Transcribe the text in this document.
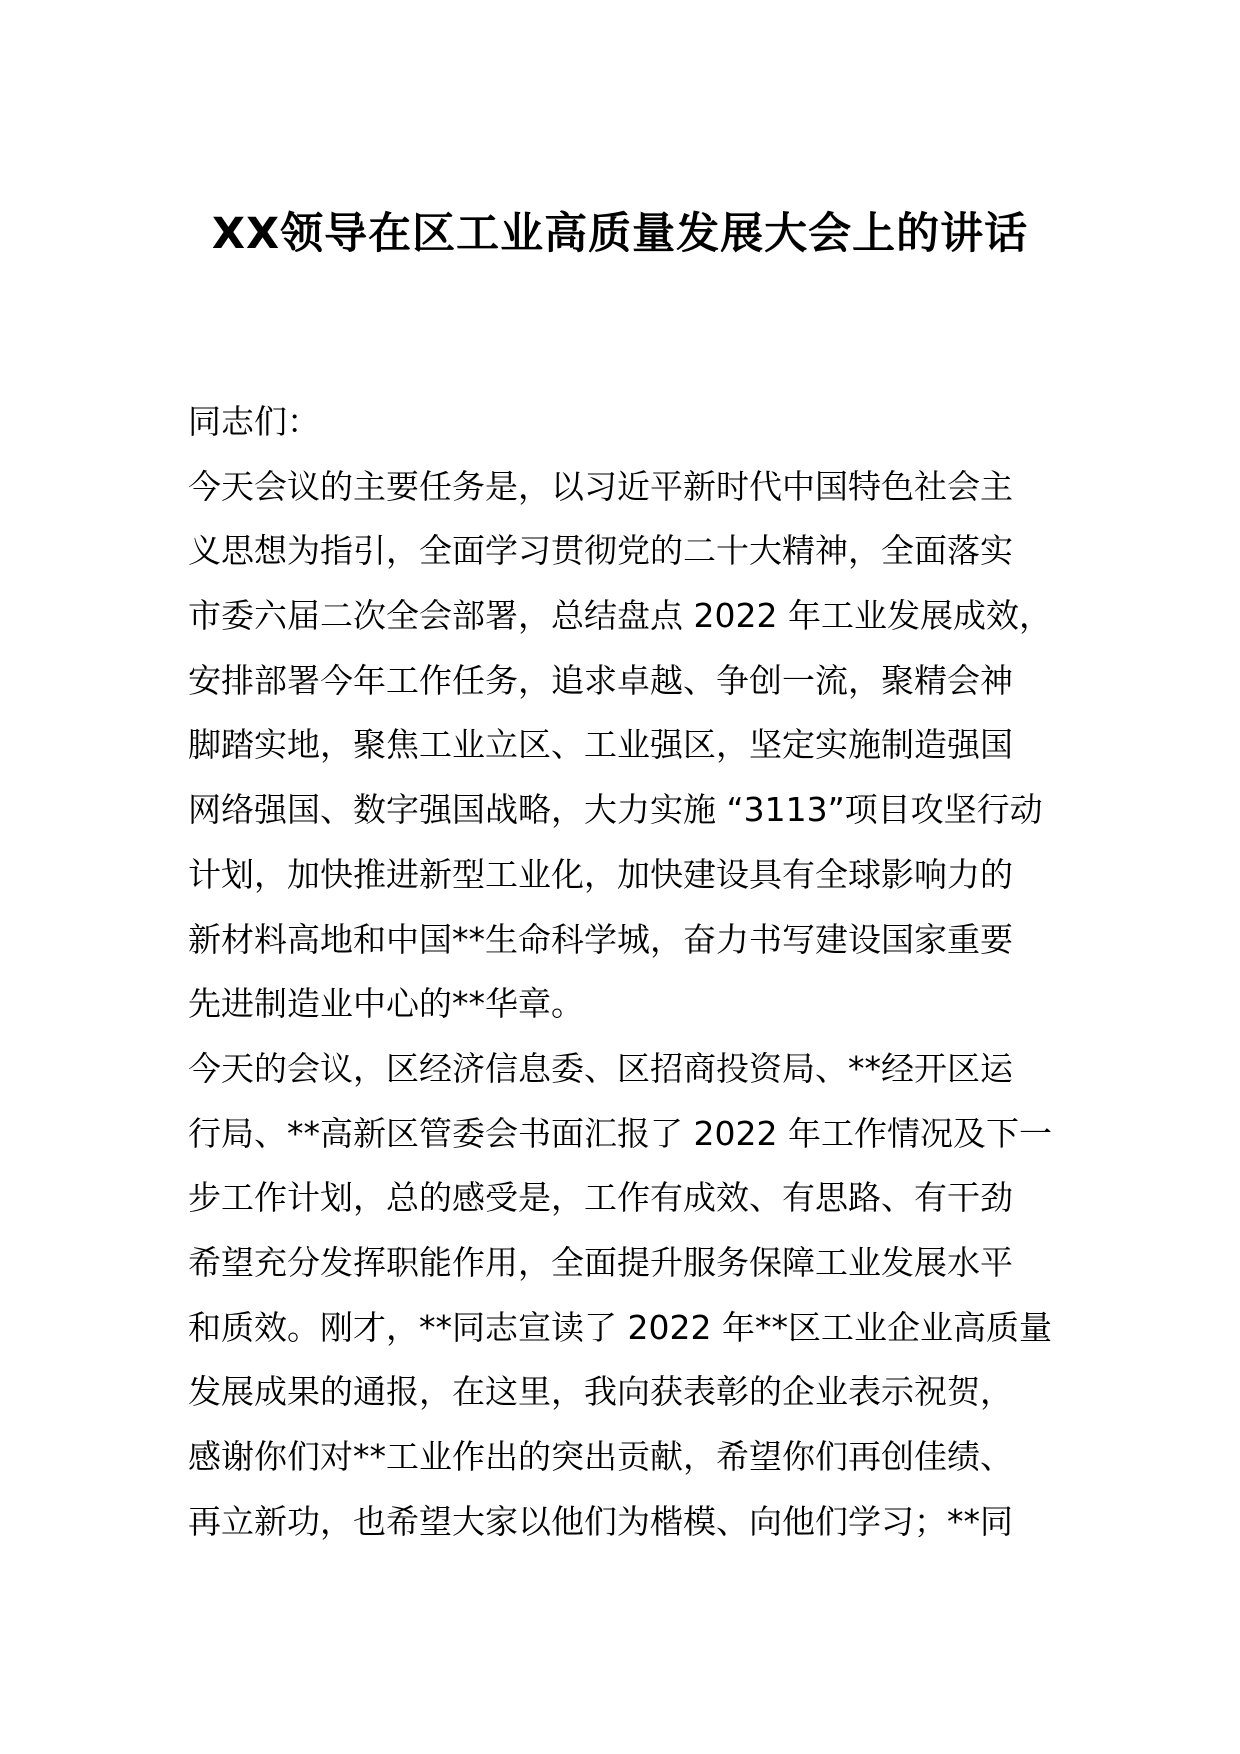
XX领导在区工业高质量发展大会上的讲话
同志们：
今天会议的主要任务是，以习近平新时代中国特色社会主
义思想为指引，全面学习贯彻党的二十大精神，全面落实
市委六届二次全会部署，总结盘点 2022 年工业发展成效，
安排部署今年工作任务，追求卓越、争创一流，聚精会神
脚踏实地，聚焦工业立区、工业强区，坚定实施制造强国
网络强国、数字强国战略，大力实施 “3113”项目攻坚行动
计划，加快推进新型工业化，加快建设具有全球影响力的
新材料高地和中国**生命科学城，奋力书写建设国家重要
先进制造业中心的**华章。
今天的会议，区经济信息委、区招商投资局、**经开区运
行局、**高新区管委会书面汇报了 2022 年工作情况及下一
步工作计划，总的感受是，工作有成效、有思路、有干劲
希望充分发挥职能作用，全面提升服务保障工业发展水平
和质效。刚才，**同志宣读了 2022 年**区工业企业高质量
发展成果的通报，在这里，我向获表彰的企业表示祝贺，
感谢你们对**工业作出的突出贡献，希望你们再创佳绩、
再立新功，也希望大家以他们为楷模、向他们学习；**同
